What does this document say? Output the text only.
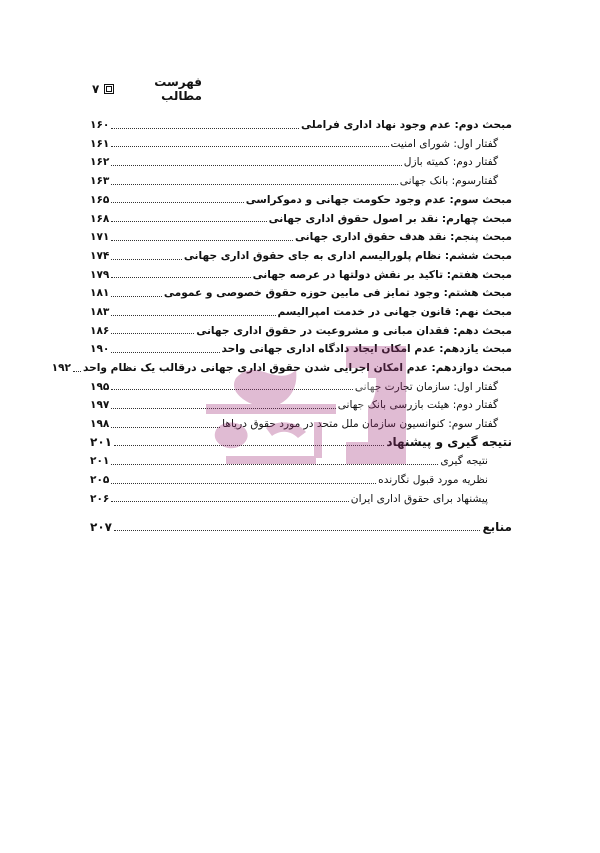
فهرست مطالب
۷
مبحث دوم: عدم وجود نهاد اداری فراملی
۱۶۰
گفتار اول: شورای امنیت
۱۶۱
گفتار دوم: کمیته بازل
۱۶۲
گفتارسوم: بانک جهانی
۱۶۳
مبحث سوم: عدم وجود حکومت جهانی و دموکراسی
۱۶۵
مبحث چهارم: نقد بر اصول حقوق اداری جهانی
۱۶۸
مبحث پنجم: نقد هدف حقوق اداری جهانی
۱۷۱
مبحث ششم: نظام پلورالیسم اداری به جای حقوق اداری جهانی
۱۷۴
مبحث هفتم: تاکید بر نقش دولتها در عرصه جهانی
۱۷۹
مبحث هشتم: وجود تمایز فی مابین حوزه حقوق خصوصی و عمومی
۱۸۱
مبحث نهم: قانون جهانی در خدمت امپرالیسم
۱۸۳
مبحث دهم: فقدان مبانی و مشروعیت در حقوق اداری جهانی
۱۸۶
مبحث یازدهم: عدم امکان ایجاد دادگاه اداری جهانی واحد
۱۹۰
مبحث دوازدهم: عدم امکان اجرایی شدن حقوق اداری جهانی درقالب یک نظام واحد
۱۹۲
گفتار اول: سازمان تجارت جهانی
۱۹۵
گفتار دوم: هیئت بازرسی بانک جهانی
۱۹۷
گفتار سوم: کنوانسیون سازمان ملل متحد در مورد حقوق دریاها
۱۹۸
نتیجه گیری و پیشنهاد
۲۰۱
نتیجه گیری
۲۰۱
نظریه مورد قبول نگارنده
۲۰۵
پیشنهاد برای حقوق اداری ایران
۲۰۶
منابع
۲۰۷
